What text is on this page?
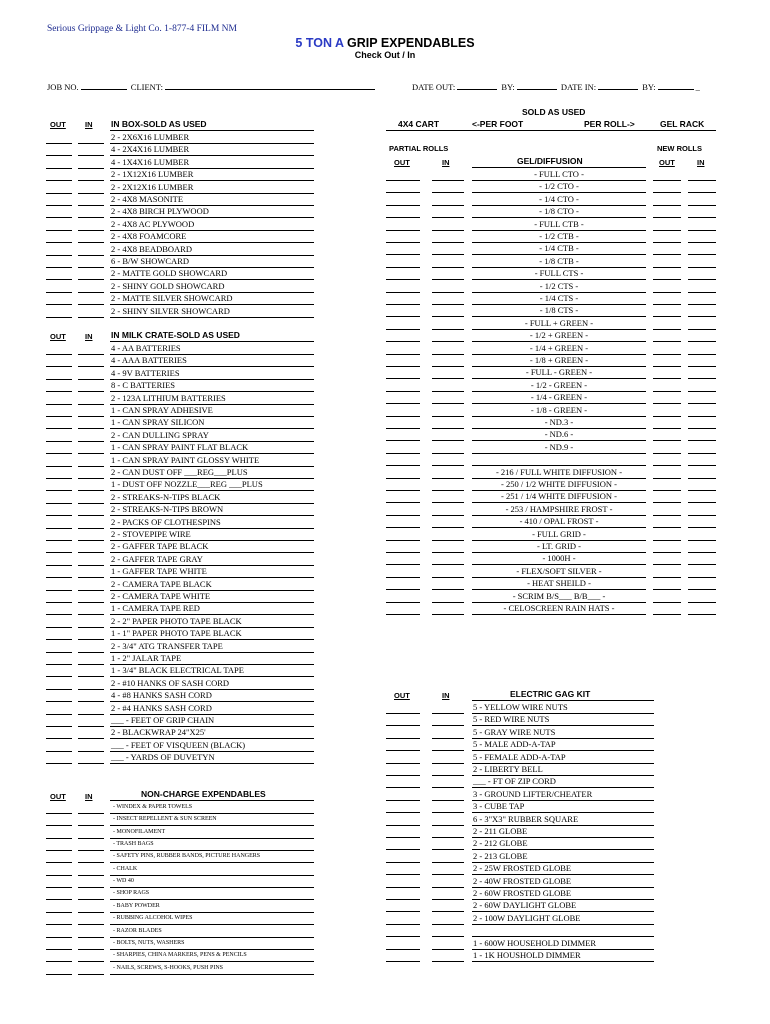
Serious Grippage & Light Co. 1-877-4 FILM NM
5 TON A GRIP EXPENDABLES
Check Out / In
JOB NO.	CLIENT:	DATE OUT:	BY:	DATE IN:	BY:	_
OUT	IN IN BOX-SOLD AS USED
2 - 2X6X16 LUMBER
4 - 2X4X16 LUMBER
4 - 1X4X16 LUMBER
2 - 1X12X16 LUMBER
2 - 2X12X16 LUMBER
2 - 4X8 MASONITE
2 - 4X8 BIRCH PLYWOOD
2 - 4X8 AC PLYWOOD
2 - 4X8 FOAMCORE
2 - 4X8 BEADBOARD
6 - B/W SHOWCARD
2 - MATTE GOLD SHOWCARD
2 - SHINY GOLD SHOWCARD
2 - MATTE SILVER SHOWCARD
2 - SHINY SILVER SHOWCARD
OUT	IN IN MILK CRATE-SOLD AS USED
4 - AA BATTERIES
4 - AAA BATTERIES
4 - 9V BATTERIES
8 - C BATTERIES
2 - 123A LITHIUM BATTERIES
1 - CAN SPRAY ADHESIVE
1 - CAN SPRAY SILICON
2 - CAN DULLING SPRAY
1 - CAN SPRAY PAINT FLAT BLACK
1 - CAN SPRAY PAINT GLOSSY WHITE
2 - CAN DUST OFF ___REG___PLUS
1 - DUST OFF NOZZLE___REG ___PLUS
2 - STREAKS-N-TIPS BLACK
2 - STREAKS-N-TIPS BROWN
2 - PACKS OF CLOTHESPINS
2 - STOVEPIPE WIRE
2 - GAFFER TAPE BLACK
2 - GAFFER TAPE GRAY
1 - GAFFER TAPE WHITE
2 - CAMERA TAPE BLACK
2 - CAMERA TAPE WHITE
1 - CAMERA TAPE RED
2 - 2" PAPER PHOTO TAPE BLACK
1 - 1" PAPER PHOTO TAPE BLACK
2 - 3/4" ATG TRANSFER TAPE
1 - 2" JALAR TAPE
1 - 3/4" BLACK ELECTRICAL TAPE
2 - #10 HANKS OF SASH CORD
4 - #8 HANKS SASH CORD
2 - #4 HANKS SASH CORD
___ - FEET OF GRIP CHAIN
2 - BLACKWRAP 24"X25'
___ - FEET OF VISQUEEN (BLACK)
___ - YARDS OF DUVETYN
OUT	IN	NON-CHARGE EXPENDABLES
- WINDEX & PAPER TOWELS
- INSECT REPELLENT & SUN SCREEN
- MONOFILAMENT
- TRASH BAGS
- SAFETY PINS, RUBBER BANDS, PICTURE HANGERS
- CHALK
- WD 40
- SHOP RAGS
- BABY POWDER
- RUBBING ALCOHOL WIPES
- RAZOR BLADES
- BOLTS, NUTS, WASHERS
- SHARPIES, CHINA MARKERS, PENS & PENCILS
- NAILS, SCREWS, S-HOOKS, PUSH PINS
SOLD AS USED
4X4 CART	<-PER FOOT	PER ROLL->	GEL RACK
PARTIAL ROLLS	NEW ROLLS
OUT	IN	GEL/DIFFUSION	OUT	IN
- FULL CTO -
- 1/2 CTO -
- 1/4 CTO -
- 1/8 CTO -
- FULL CTB -
- 1/2 CTB -
- 1/4 CTB -
- 1/8 CTB -
- FULL CTS -
- 1/2 CTS -
- 1/4 CTS -
- 1/8 CTS -
- FULL + GREEN -
- 1/2 + GREEN -
- 1/4 + GREEN -
- 1/8 + GREEN -
- FULL - GREEN -
- 1/2 - GREEN -
- 1/4 - GREEN -
- 1/8 - GREEN -
- ND.3 -
- ND.6 -
- ND.9 -
- 216 / FULL WHITE DIFFUSION -
- 250 / 1/2 WHITE DIFFUSION -
- 251 / 1/4 WHITE DIFFUSION -
- 253 / HAMPSHIRE FROST -
- 410 / OPAL FROST -
- FULL GRID -
- LT. GRID -
- 1000H -
- FLEX/SOFT SILVER -
- HEAT SHEILD -
- SCRIM B/S___ B/B___ -
- CELOSCREEN RAIN HATS -
OUT	IN	ELECTRIC GAG KIT
5 - YELLOW WIRE NUTS
5 - RED WIRE NUTS
5 - GRAY WIRE NUTS
5 - MALE ADD-A-TAP
5 - FEMALE ADD-A-TAP
2 - LIBERTY BELL
___ - FT OF ZIP CORD
3 - GROUND LIFTER/CHEATER
3 - CUBE TAP
6 - 3"X3" RUBBER SQUARE
2 - 211 GLOBE
2 - 212 GLOBE
2 - 213 GLOBE
2 - 25W FROSTED GLOBE
2 - 40W FROSTED GLOBE
2 - 60W FROSTED GLOBE
2 - 60W DAYLIGHT GLOBE
2 - 100W DAYLIGHT GLOBE
1 - 600W HOUSEHOLD DIMMER
1 - 1K HOUSHOLD DIMMER
